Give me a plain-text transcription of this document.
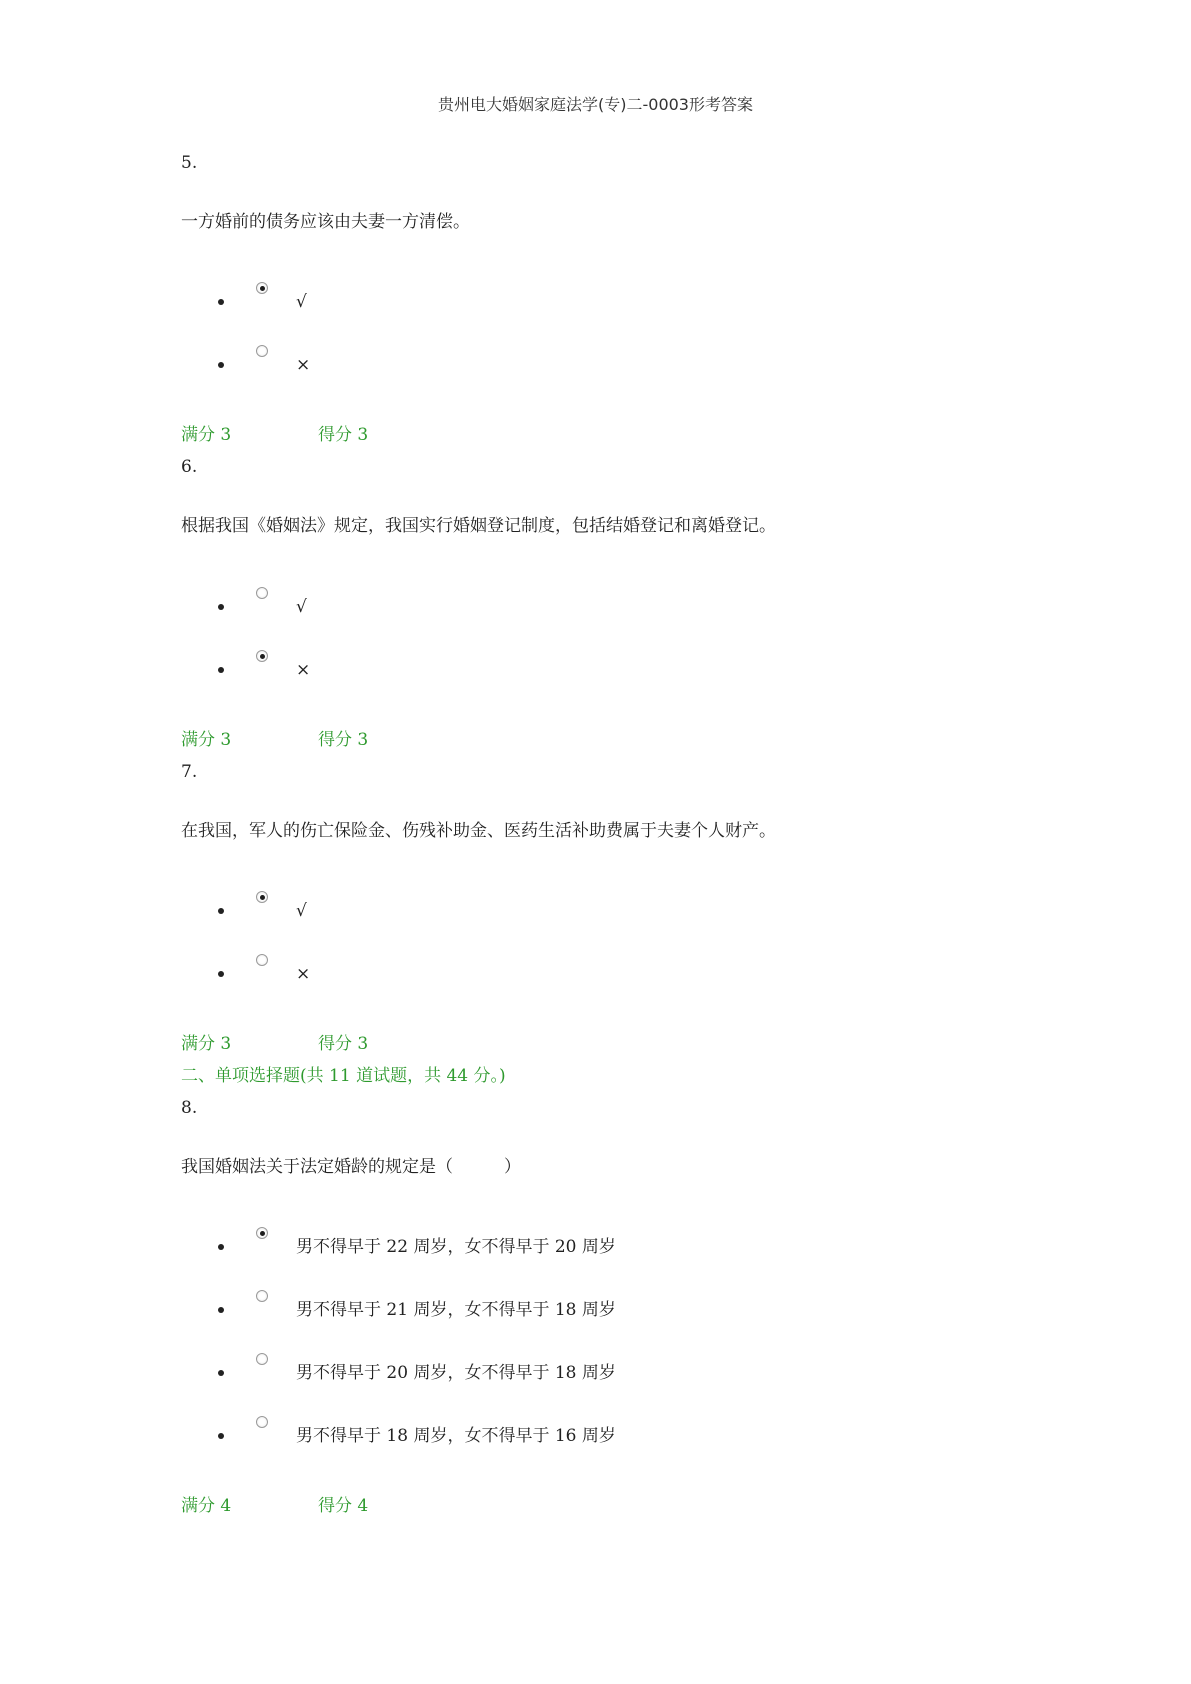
贵州电大婚姻家庭法学(专)二-0003形考答案
5.
一方婚前的债务应该由夫妻一方清偿。
√
×
满分 3	得分 3
6.
根据我国《婚姻法》规定，我国实行婚姻登记制度，包括结婚登记和离婚登记。
√
×
满分 3	得分 3
7.
在我国，军人的伤亡保险金、伤残补助金、医药生活补助费属于夫妻个人财产。
√
×
满分 3	得分 3
二、单项选择题(共 11 道试题，共 44 分。)
8.
我国婚姻法关于法定婚龄的规定是（　　　）
男不得早于 22 周岁，女不得早于 20 周岁
男不得早于 21 周岁，女不得早于 18 周岁
男不得早于 20 周岁，女不得早于 18 周岁
男不得早于 18 周岁，女不得早于 16 周岁
满分 4	得分 4
